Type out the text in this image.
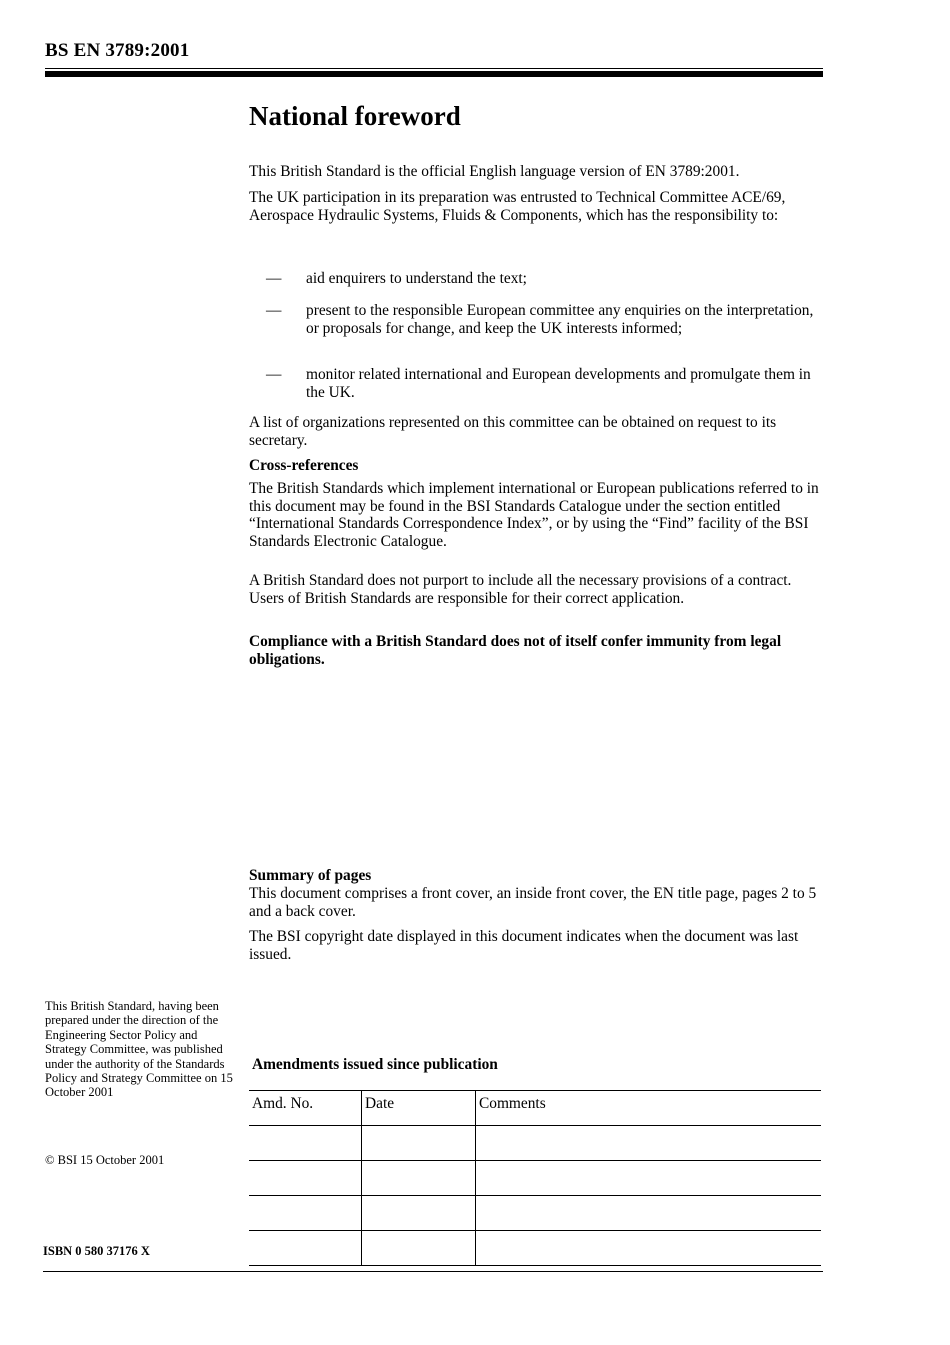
BS EN 3789:2001
National foreword
This British Standard is the official English language version of EN 3789:2001.
The UK participation in its preparation was entrusted to Technical Committee ACE/69, Aerospace Hydraulic Systems, Fluids & Components, which has the responsibility to:
— aid enquirers to understand the text;
— present to the responsible European committee any enquiries on the interpretation, or proposals for change, and keep the UK interests informed;
— monitor related international and European developments and promulgate them in the UK.
A list of organizations represented on this committee can be obtained on request to its secretary.
Cross-references
The British Standards which implement international or European publications referred to in this document may be found in the BSI Standards Catalogue under the section entitled “International Standards Correspondence Index”, or by using the “Find” facility of the BSI Standards Electronic Catalogue.
A British Standard does not purport to include all the necessary provisions of a contract. Users of British Standards are responsible for their correct application.
Compliance with a British Standard does not of itself confer immunity from legal obligations.
Summary of pages
This document comprises a front cover, an inside front cover, the EN title page, pages 2 to 5 and a back cover.
The BSI copyright date displayed in this document indicates when the document was last issued.
This British Standard, having been prepared under the direction of the Engineering Sector Policy and Strategy Committee, was published under the authority of the Standards Policy and Strategy Committee on 15 October 2001
© BSI 15 October 2001
ISBN 0 580 37176 X
Amendments issued since publication
Amd. No.	Date	Comments
